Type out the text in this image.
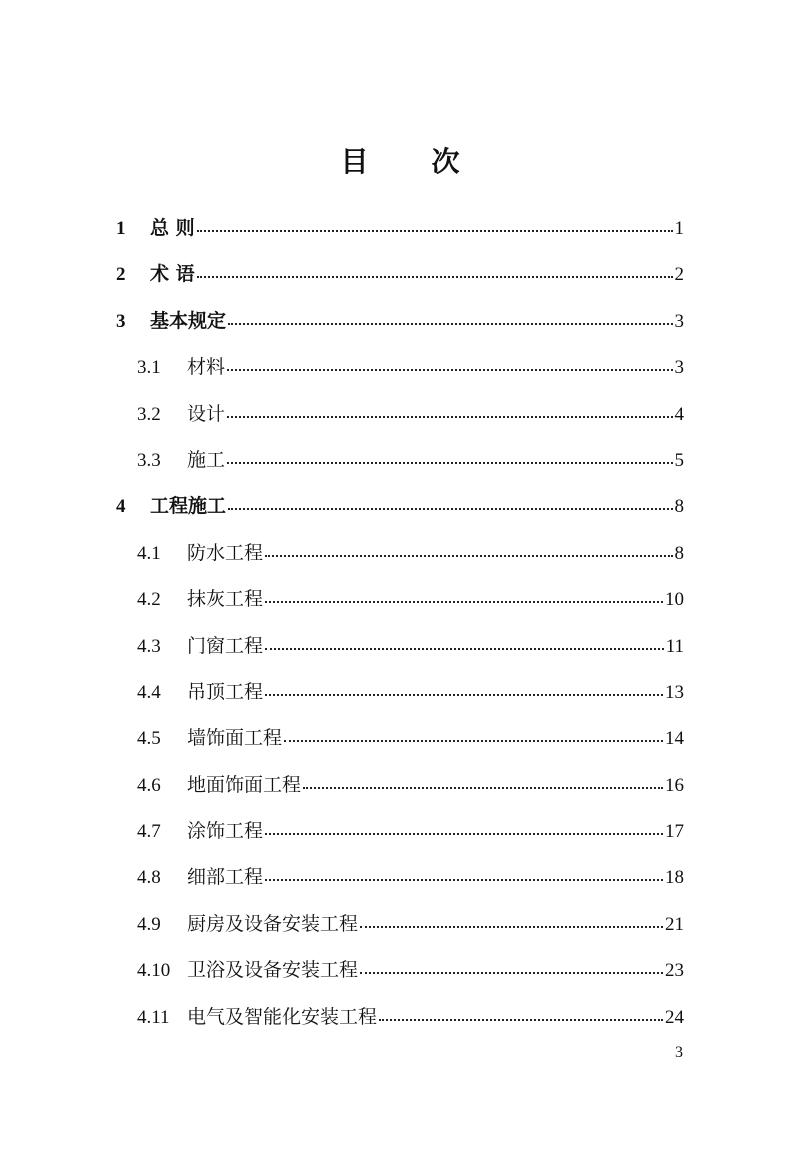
目 次
1	总 则	1
2	术 语	2
3	基本规定	3
3.1	材料	3
3.2	设计	4
3.3	施工	5
4	工程施工	8
4.1	防水工程	8
4.2	抹灰工程	10
4.3	门窗工程	11
4.4	吊顶工程	13
4.5	墙饰面工程	14
4.6	地面饰面工程	16
4.7	涂饰工程	17
4.8	细部工程	18
4.9	厨房及设备安装工程	21
4.10 卫浴及设备安装工程	23
4.11 电气及智能化安装工程	24
3
